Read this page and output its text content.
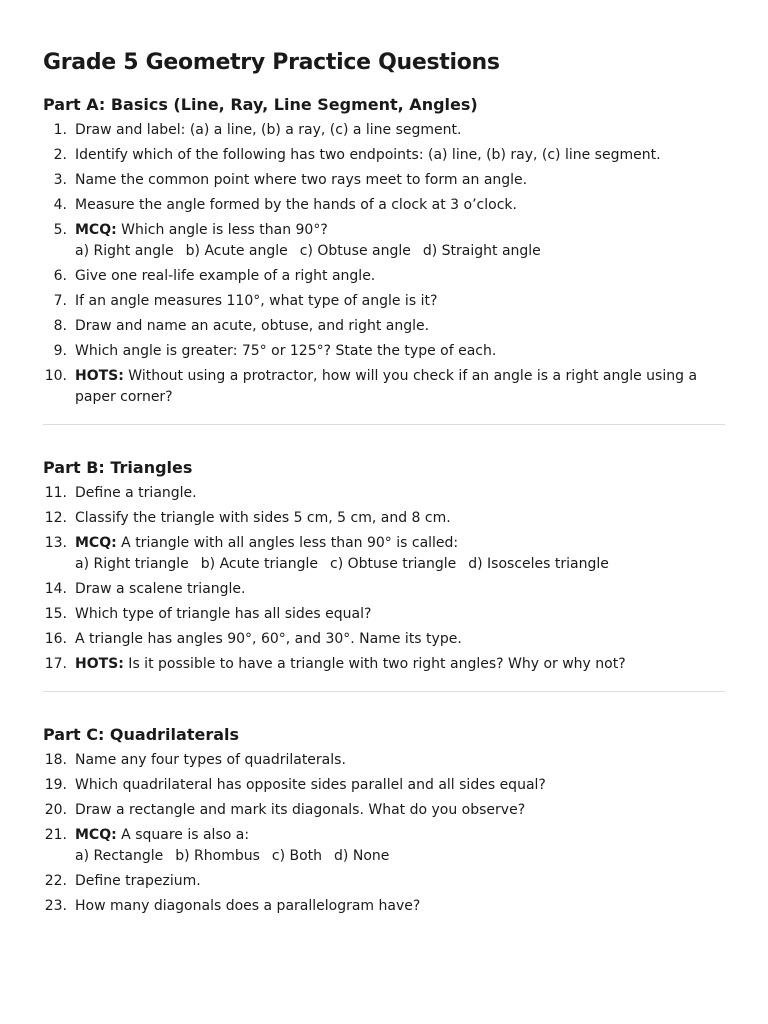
Grade 5 Geometry Practice Questions
Part A: Basics (Line, Ray, Line Segment, Angles)
1. Draw and label: (a) a line, (b) a ray, (c) a line segment.
2. Identify which of the following has two endpoints: (a) line, (b) ray, (c) line segment.
3. Name the common point where two rays meet to form an angle.
4. Measure the angle formed by the hands of a clock at 3 o’clock.
5. MCQ: Which angle is less than 90°?
a) Right angle b) Acute angle c) Obtuse angle d) Straight angle
6. Give one real-life example of a right angle.
7. If an angle measures 110°, what type of angle is it?
8. Draw and name an acute, obtuse, and right angle.
9. Which angle is greater: 75° or 125°? State the type of each.
10. HOTS: Without using a protractor, how will you check if an angle is a right angle using a paper corner?
Part B: Triangles
11. Define a triangle.
12. Classify the triangle with sides 5 cm, 5 cm, and 8 cm.
13. MCQ: A triangle with all angles less than 90° is called:
a) Right triangle b) Acute triangle c) Obtuse triangle d) Isosceles triangle
14. Draw a scalene triangle.
15. Which type of triangle has all sides equal?
16. A triangle has angles 90°, 60°, and 30°. Name its type.
17. HOTS: Is it possible to have a triangle with two right angles? Why or why not?
Part C: Quadrilaterals
18. Name any four types of quadrilaterals.
19. Which quadrilateral has opposite sides parallel and all sides equal?
20. Draw a rectangle and mark its diagonals. What do you observe?
21. MCQ: A square is also a:
a) Rectangle b) Rhombus c) Both d) None
22. Define trapezium.
23. How many diagonals does a parallelogram have?
